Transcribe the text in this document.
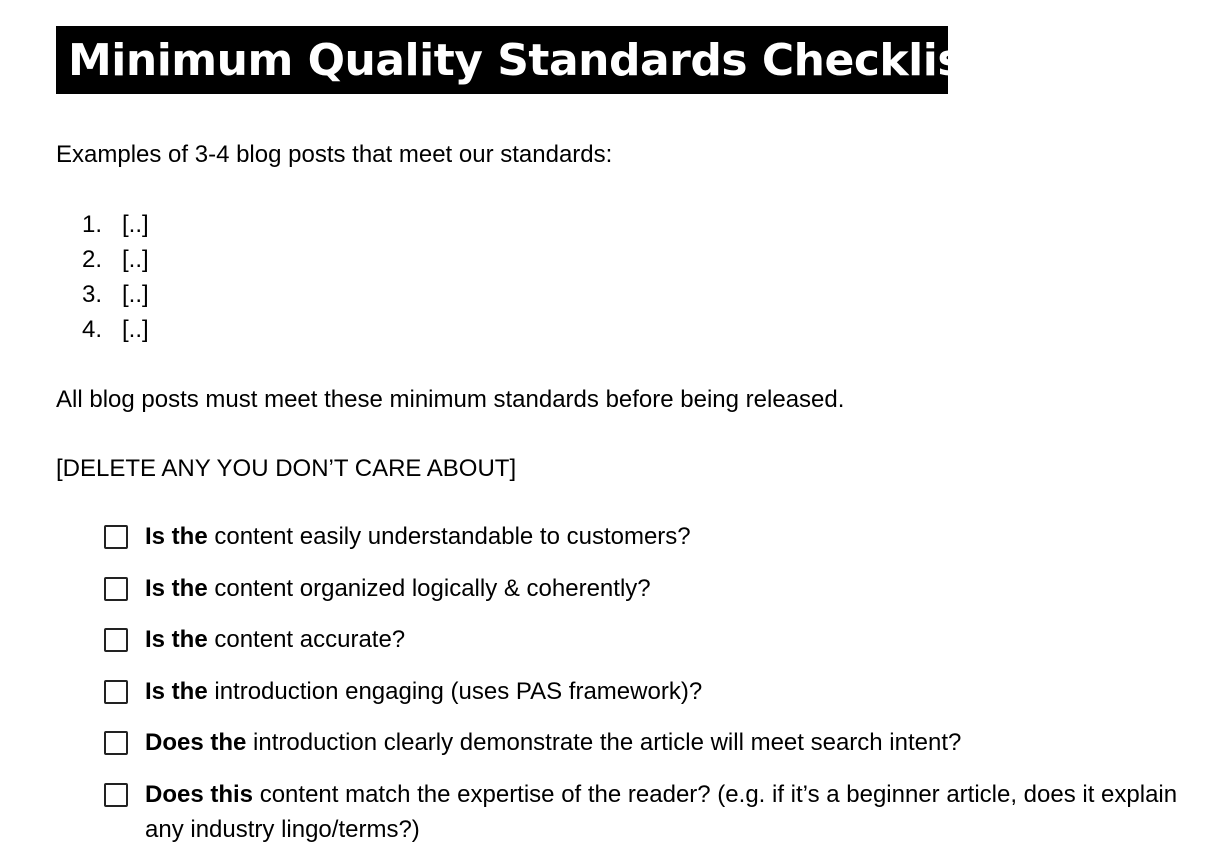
Minimum Quality Standards Checklist
Examples of 3-4 blog posts that meet our standards:
1. [..]
2. [..]
3. [..]
4. [..]
All blog posts must meet these minimum standards before being released.
[DELETE ANY YOU DON’T CARE ABOUT]
Is the content easily understandable to customers?
Is the content organized logically & coherently?
Is the content accurate?
Is the introduction engaging (uses PAS framework)?
Does the introduction clearly demonstrate the article will meet search intent?
Does this content match the expertise of the reader? (e.g. if it’s a beginner article, does it explain any industry lingo/terms?)
